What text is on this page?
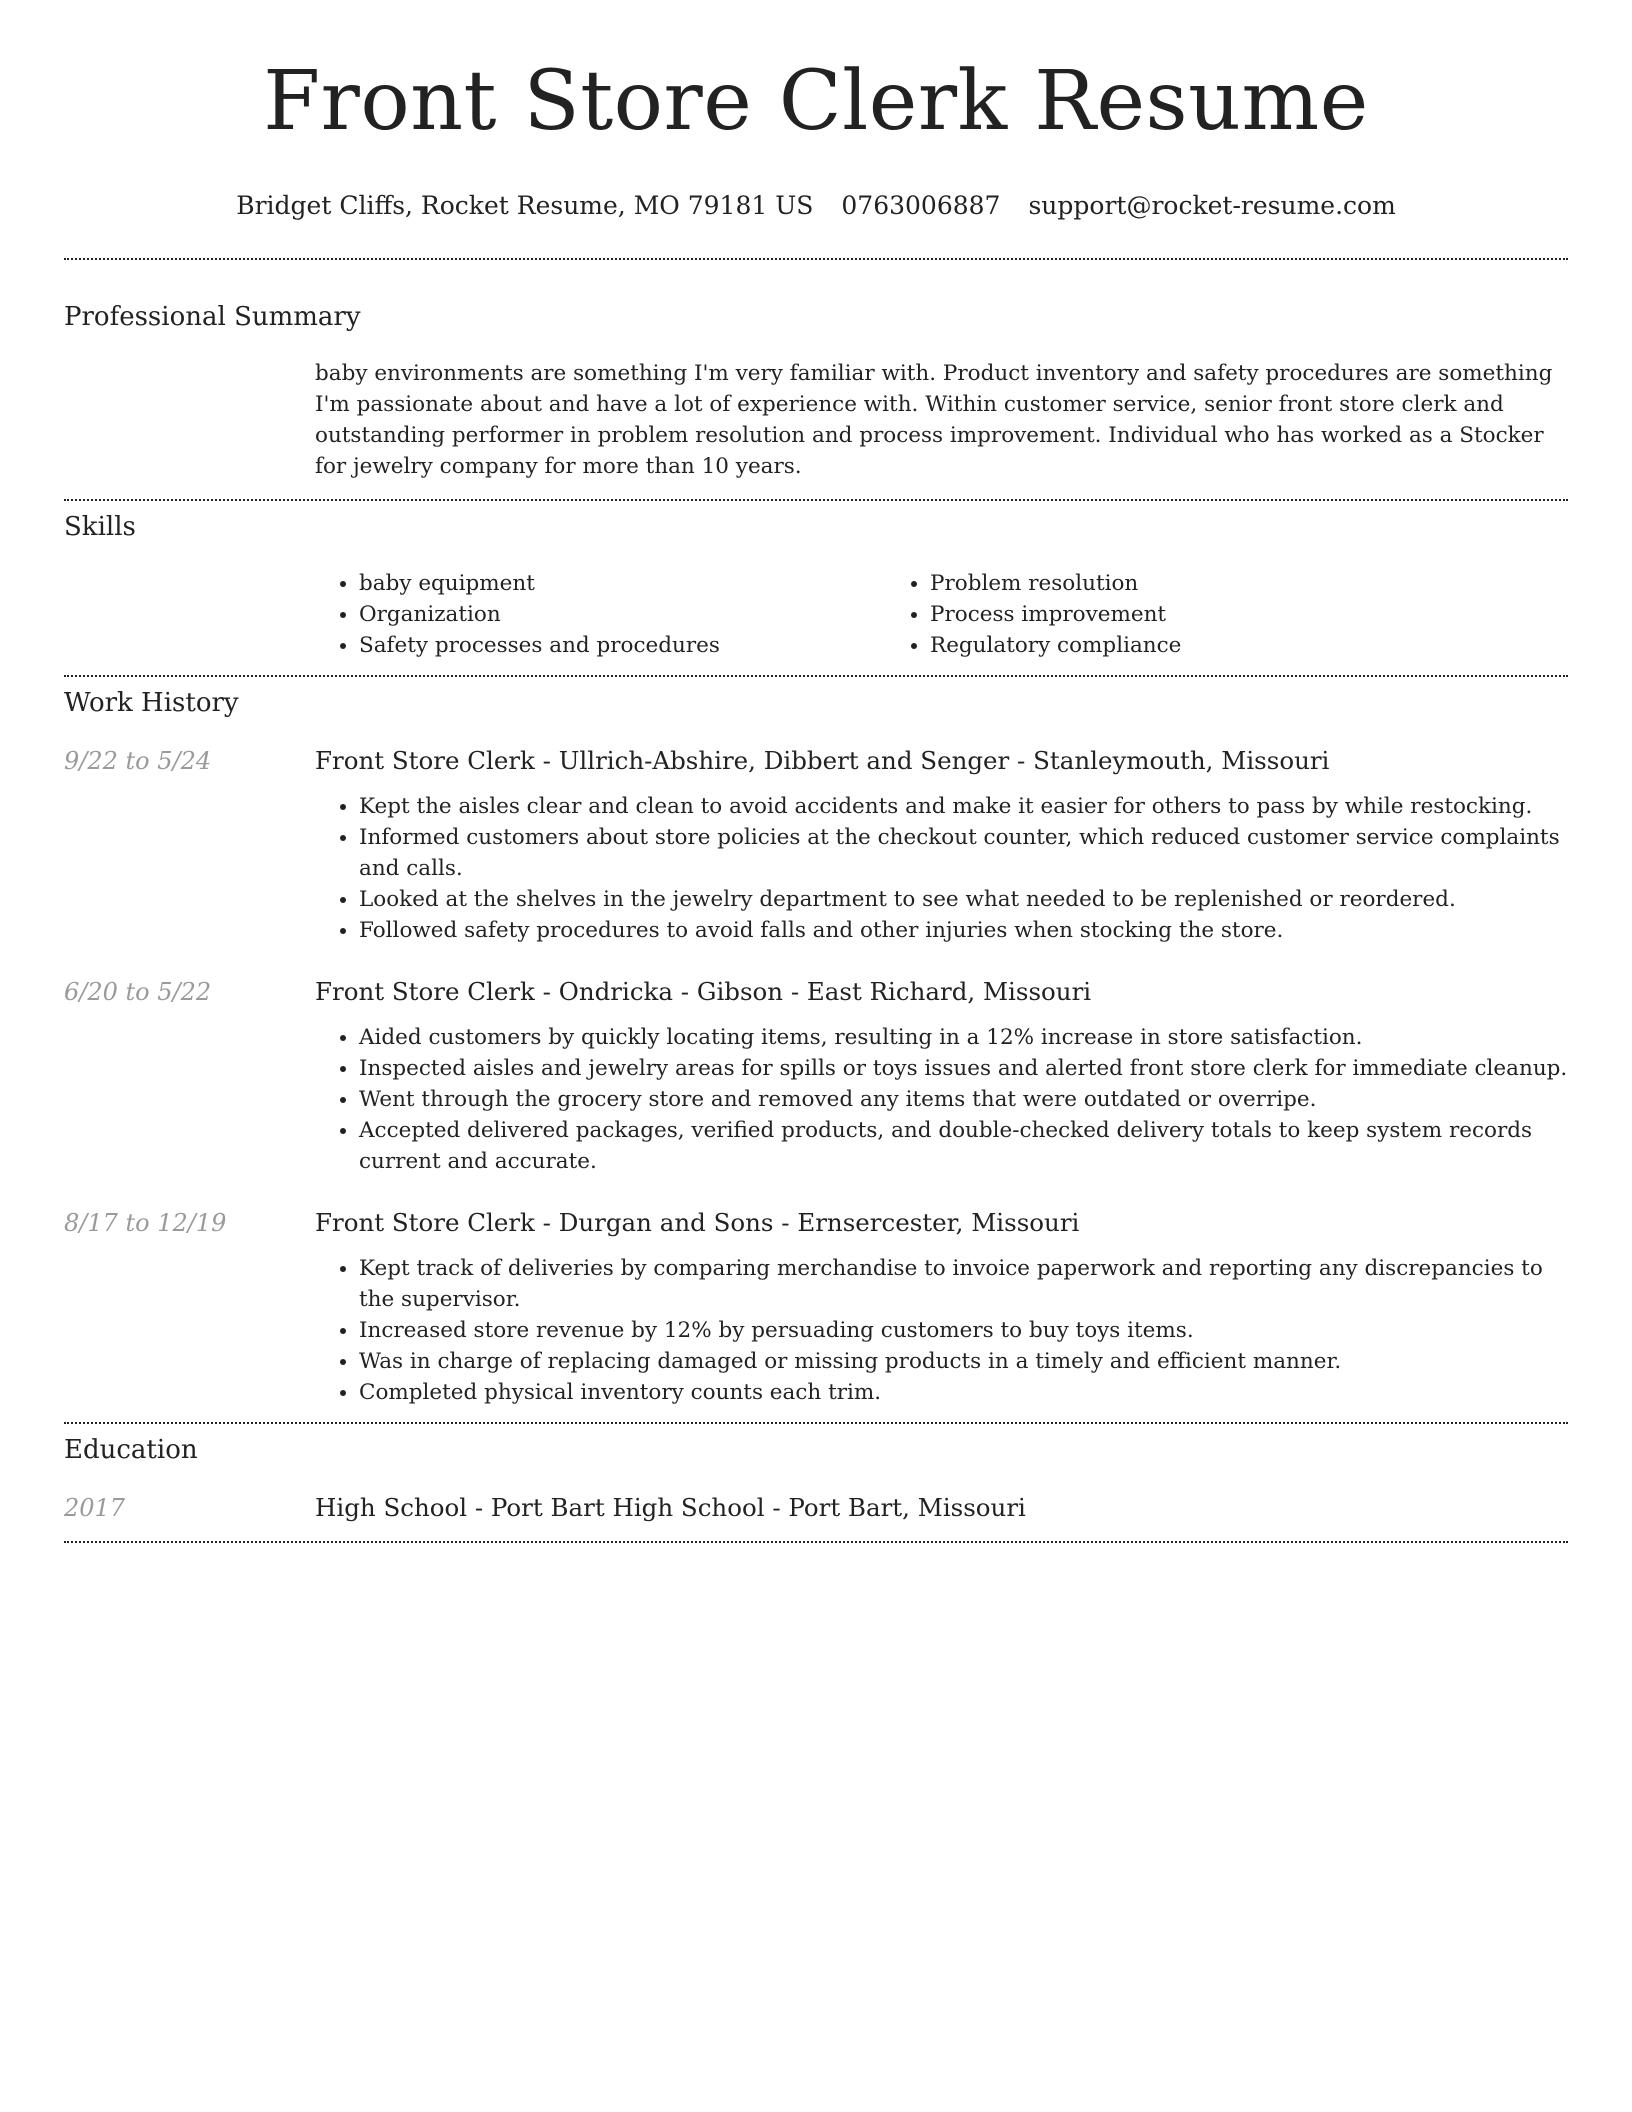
Front Store Clerk Resume
Bridget Cliffs, Rocket Resume, MO 79181 US 0763006887 support@rocket-resume.com
Professional Summary

baby environments are something I'm very familiar with. Product inventory and safety procedures are something I'm passionate about and have a lot of experience with. Within customer service, senior front store clerk and outstanding performer in problem resolution and process improvement. Individual who has worked as a Stocker for jewelry company for more than 10 years.

Skills
• baby equipment
• Organization
• Safety processes and procedures
• Problem resolution
• Process improvement
• Regulatory compliance
Work History
9/22 to 5/24	Front Store Clerk - Ullrich-Abshire, Dibbert and Senger - Stanleymouth, Missouri
• Kept the aisles clear and clean to avoid accidents and make it easier for others to pass by while restocking.
• Informed customers about store policies at the checkout counter, which reduced customer service complaints and calls.
• Looked at the shelves in the jewelry department to see what needed to be replenished or reordered.
• Followed safety procedures to avoid falls and other injuries when stocking the store.
6/20 to 5/22	Front Store Clerk - Ondricka - Gibson - East Richard, Missouri
• Aided customers by quickly locating items, resulting in a 12% increase in store satisfaction.
• Inspected aisles and jewelry areas for spills or toys issues and alerted front store clerk for immediate cleanup.
• Went through the grocery store and removed any items that were outdated or overripe.
• Accepted delivered packages, verified products, and double-checked delivery totals to keep system records current and accurate.
8/17 to 12/19	Front Store Clerk - Durgan and Sons - Ernsercester, Missouri
• Kept track of deliveries by comparing merchandise to invoice paperwork and reporting any discrepancies to the supervisor.
• Increased store revenue by 12% by persuading customers to buy toys items.
• Was in charge of replacing damaged or missing products in a timely and efficient manner.
• Completed physical inventory counts each trim.
Education
2017	High School - Port Bart High School - Port Bart, Missouri
